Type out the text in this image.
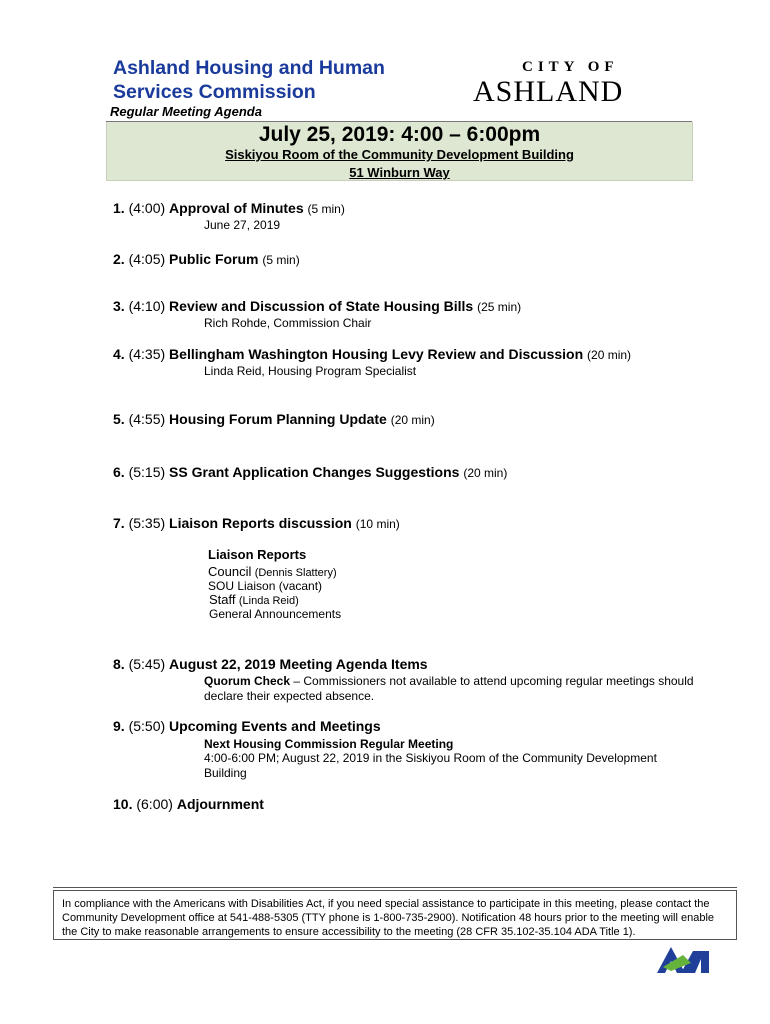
Ashland Housing and Human Services Commission
Regular Meeting Agenda
CITY OF
ASHLAND
July 25, 2019: 4:00 – 6:00pm
Siskiyou Room of the Community Development Building
51 Winburn Way
1. (4:00) Approval of Minutes (5 min)
June 27, 2019
2. (4:05) Public Forum (5 min)
3. (4:10) Review and Discussion of State Housing Bills (25 min)
Rich Rohde, Commission Chair
4. (4:35) Bellingham Washington Housing Levy Review and Discussion (20 min)
Linda Reid, Housing Program Specialist
5. (4:55) Housing Forum Planning Update (20 min)
6. (5:15) SS Grant Application Changes Suggestions (20 min)
7. (5:35) Liaison Reports discussion (10 min)
Liaison Reports
Council (Dennis Slattery)
SOU Liaison (vacant)
Staff (Linda Reid)
General Announcements
8. (5:45) August 22, 2019 Meeting Agenda Items
Quorum Check – Commissioners not available to attend upcoming regular meetings should declare their expected absence.
9. (5:50) Upcoming Events and Meetings
Next Housing Commission Regular Meeting
4:00-6:00 PM; August 22, 2019 in the Siskiyou Room of the Community Development Building
10. (6:00) Adjournment
In compliance with the Americans with Disabilities Act, if you need special assistance to participate in this meeting, please contact the Community Development office at 541-488-5305 (TTY phone is 1-800-735-2900). Notification 48 hours prior to the meeting will enable the City to make reasonable arrangements to ensure accessibility to the meeting (28 CFR 35.102-35.104 ADA Title 1).
